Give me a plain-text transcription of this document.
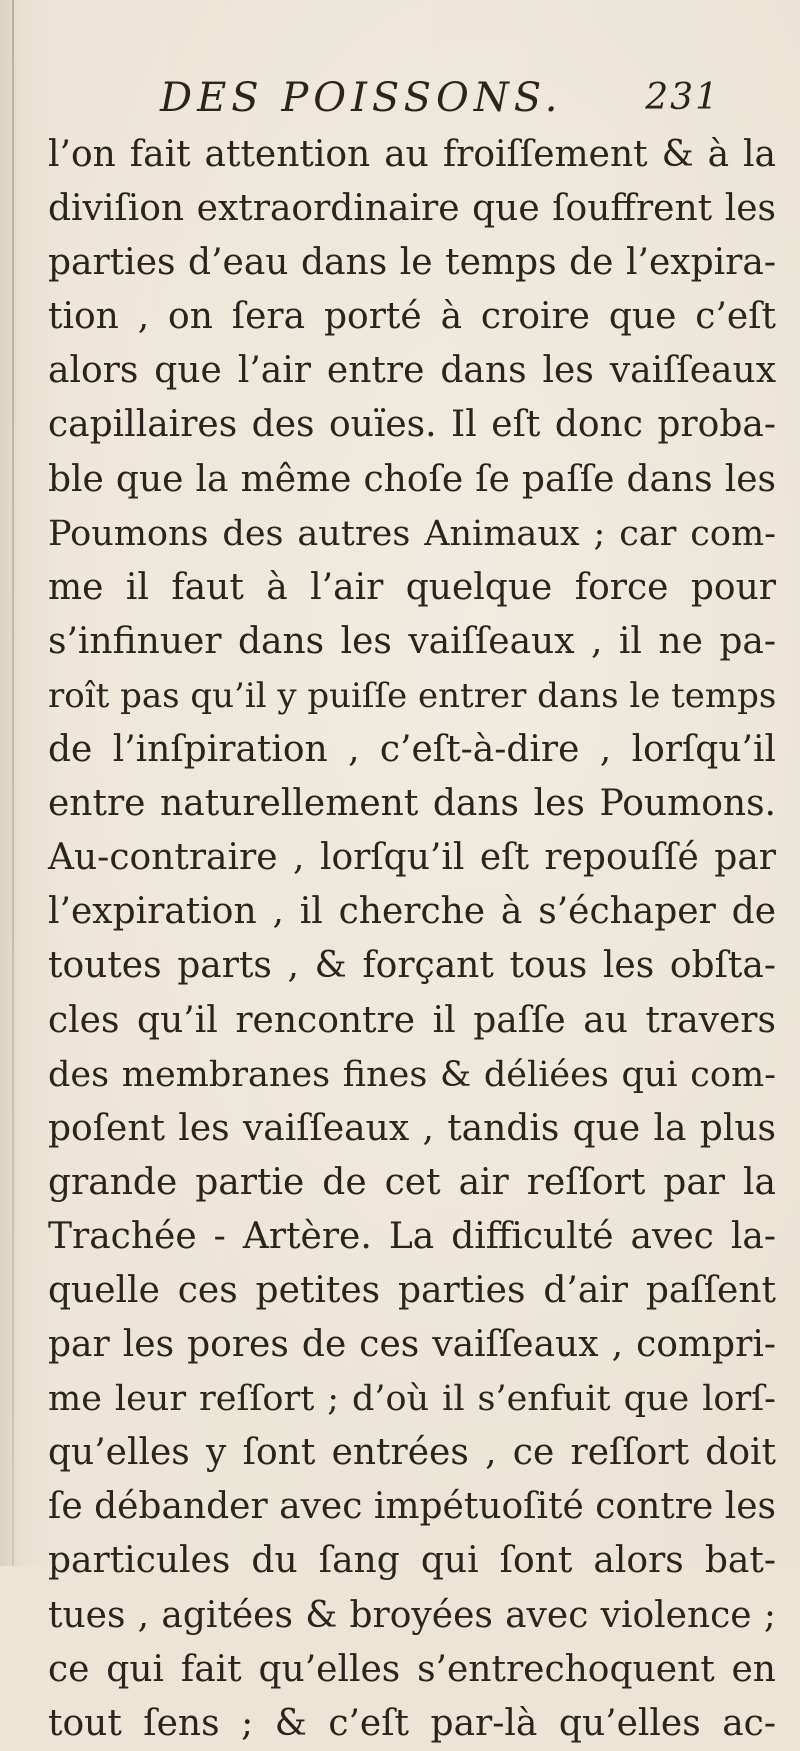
DES POISSONS. 231
l’on fait attention au froiſſement & à la
diviſion extraordinaire que ſouffrent les
parties d’eau dans le temps de l’expira-
tion , on ſera porté à croire que c’eſt
alors que l’air entre dans les vaiſſeaux
capillaires des ouïes. Il eſt donc proba-
ble que la même choſe ſe paſſe dans les
Poumons des autres Animaux ; car com-
me il faut à l’air quelque force pour
s’infinuer dans les vaiſſeaux , il ne pa-
roît pas qu’il y puiſſe entrer dans le temps
de l’inſpiration , c’eſt-à-dire , lorſqu’il
entre naturellement dans les Poumons.
Au-contraire , lorſqu’il eſt repouſſé par
l’expiration , il cherche à s’échaper de
toutes parts , & forçant tous les obſta-
cles qu’il rencontre il paſſe au travers
des membranes fines & déliées qui com-
poſent les vaiſſeaux , tandis que la plus
grande partie de cet air reſſort par la
Trachée - Artère. La difficulté avec la-
quelle ces petites parties d’air paſſent
par les pores de ces vaiſſeaux , compri-
me leur reſſort ; d’où il s’enfuit que lorſ-
qu’elles y ſont entrées , ce reſſort doit
ſe débander avec impétuoſité contre les
particules du ſang qui ſont alors bat-
tues , agitées & broyées avec violence ;
ce qui fait qu’elles s’entrechoquent en
tout ſens ; & c’eſt par-là qu’elles ac-
